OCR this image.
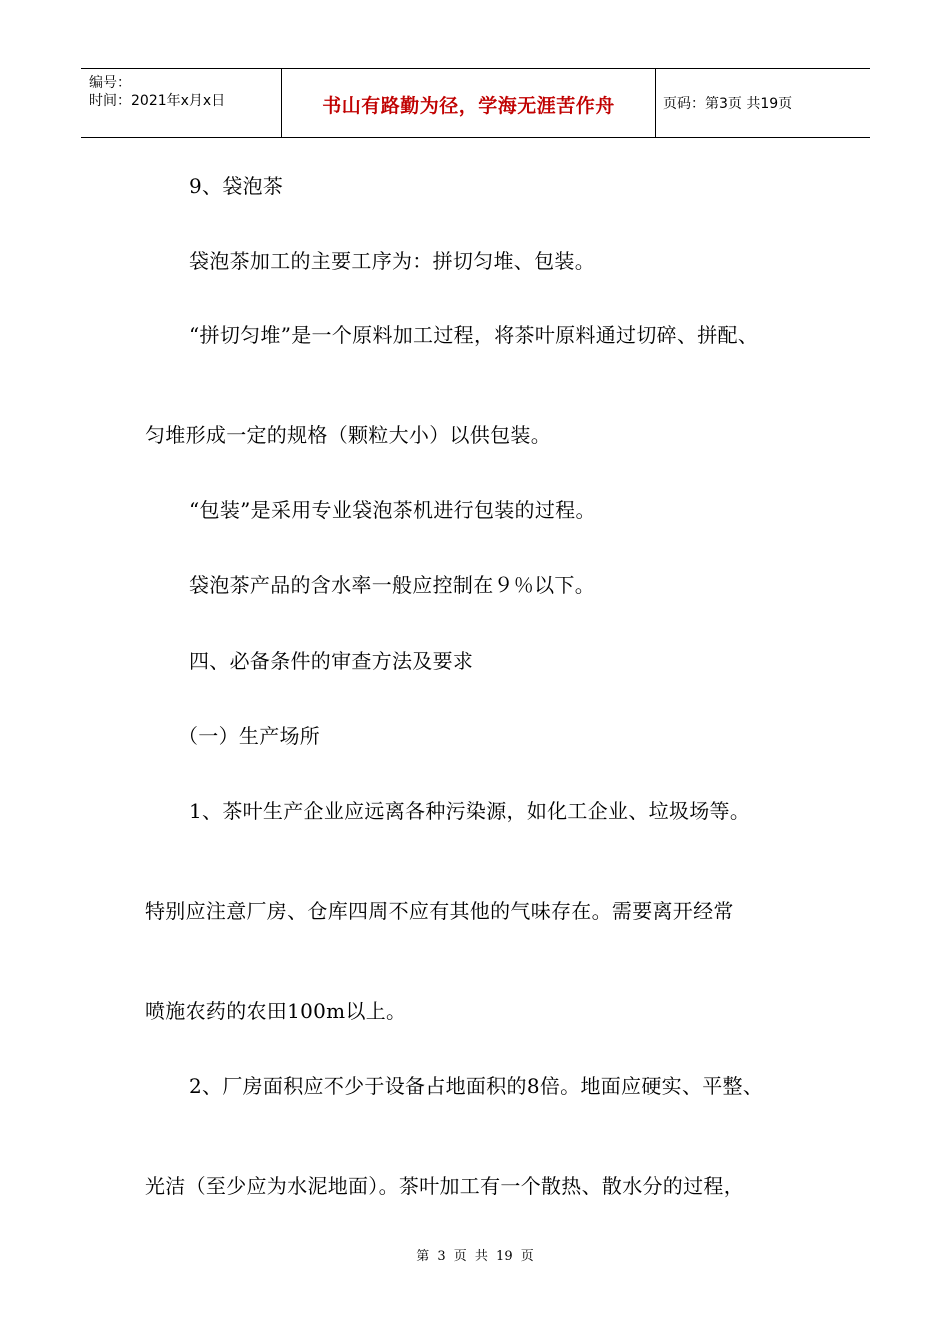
编号：
时间：2021年x月x日	书山有路勤为径，学海无涯苦作舟	页码：第3页 共19页
9、袋泡茶
袋泡茶加工的主要工序为：拼切匀堆、包装。
“拼切匀堆”是一个原料加工过程，将茶叶原料通过切碎、拼配、
匀堆形成一定的规格（颗粒大小）以供包装。
“包装”是采用专业袋泡茶机进行包装的过程。
袋泡茶产品的含水率一般应控制在９％以下。
四、必备条件的审查方法及要求
（一）生产场所
1、茶叶生产企业应远离各种污染源，如化工企业、垃圾场等。
特别应注意厂房、仓库四周不应有其他的气味存在。需要离开经常
喷施农药的农田100m以上。
2、厂房面积应不少于设备占地面积的8倍。地面应硬实、平整、
光洁（至少应为水泥地面）。茶叶加工有一个散热、散水分的过程，
第 3 页 共 19 页
